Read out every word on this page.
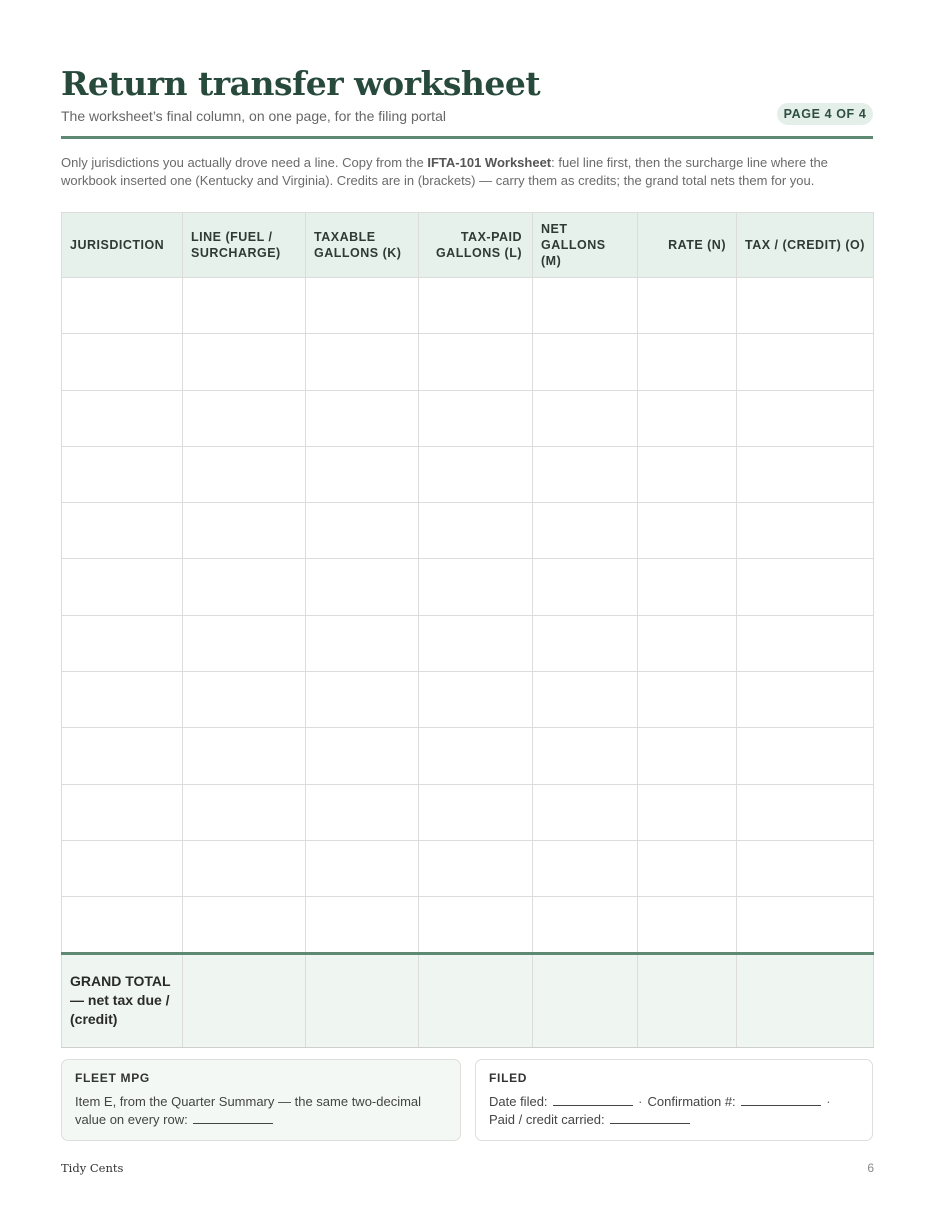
Return transfer worksheet
The worksheet’s final column, on one page, for the filing portal	PAGE 4 OF 4

Only jurisdictions you actually drove need a line. Copy from the IFTA-101 Worksheet: fuel line first, then the surcharge line where the workbook inserted one (Kentucky and Virginia). Credits are in (brackets) — carry them as credits; the grand total nets them for you.

JURISDICTION	LINE (FUEL / SURCHARGE)	TAXABLE GALLONS (K)	TAX-PAID GALLONS (L)	NET GALLONS (M)	RATE (N)	TAX / (CREDIT) (O)

GRAND TOTAL — net tax due / (credit)						
FLEET MPG
Item E, from the Quarter Summary — the same two-decimal value on every row:
FILED
Date filed:	· Confirmation #:	·
Paid / credit carried:
Tidy Cents	6
